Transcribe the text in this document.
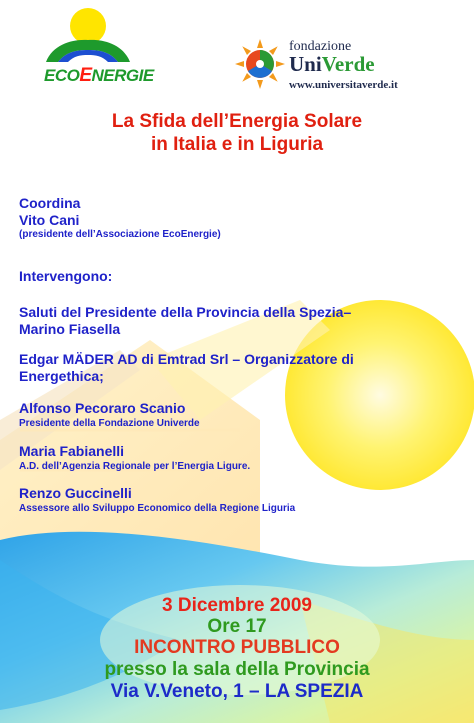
ECOENERGIE
fondazione
UniVerde
www.universitaverde.it
La Sfida dell’Energia Solare
in Italia e in Liguria
Coordina
Vito Cani
(presidente dell’Associazione EcoEnergie)
Intervengono:
Saluti del Presidente della Provincia della Spezia–
Marino Fiasella
Edgar MÄDER AD di Emtrad Srl – Organizzatore di
Energethica;
Alfonso Pecoraro Scanio
Presidente della Fondazione Univerde
Maria Fabianelli
A.D. dell’Agenzia Regionale per l’Energia Ligure.
Renzo Guccinelli
Assessore allo Sviluppo Economico della Regione Liguria
3 Dicembre 2009
Ore 17
INCONTRO PUBBLICO
presso la sala della Provincia
Via V.Veneto, 1 – LA SPEZIA
